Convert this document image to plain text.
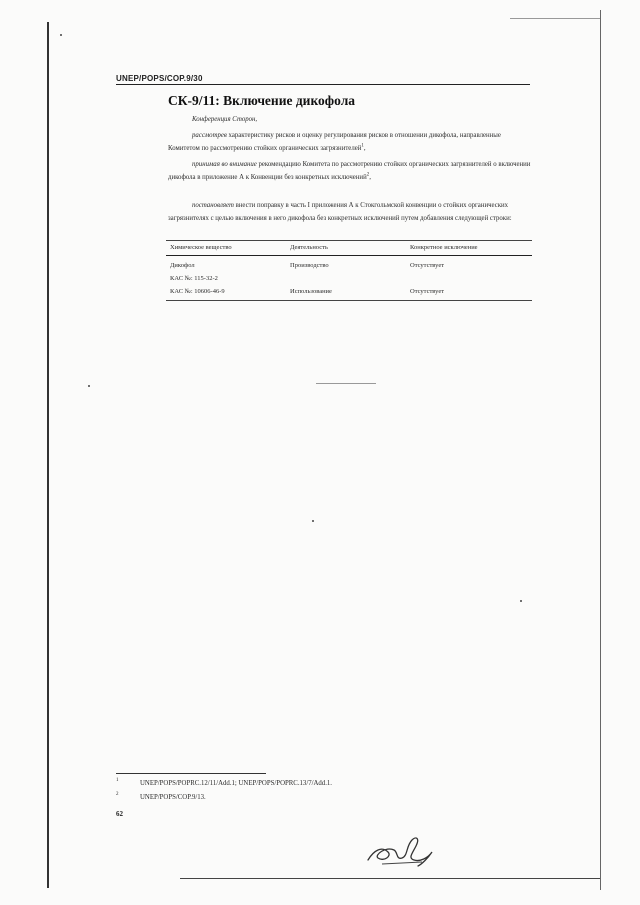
UNEP/POPS/COP.9/30
СК-9/11: Включение дикофола
Конференция Сторон,
рассмотрев характеристику рисков и оценку регулирования рисков в отношении дикофола, направленные Комитетом по рассмотрению стойких органических загрязнителей$^1$,
принимая во внимание рекомендацию Комитета по рассмотрению стойких органических загрязнителей о включении дикофола в приложение А к Конвенции без конкретных исключений$^2$,
постановляет внести поправку в часть I приложения А к Стокгольмской конвенции о стойких органических загрязнителях с целью включения в него дикофола без конкретных исключений путем добавления следующей строки:
Химическое вещество	Деятельность	Конкретное исключение
Дикофол	Производство	Отсутствует
КАС №: 115-32-2
КАС №: 10606-46-9	Использование	Отсутствует
1	UNEP/POPS/POPRC.12/11/Add.1; UNEP/POPS/POPRC.13/7/Add.1.
2	UNEP/POPS/COP.9/13.
62
